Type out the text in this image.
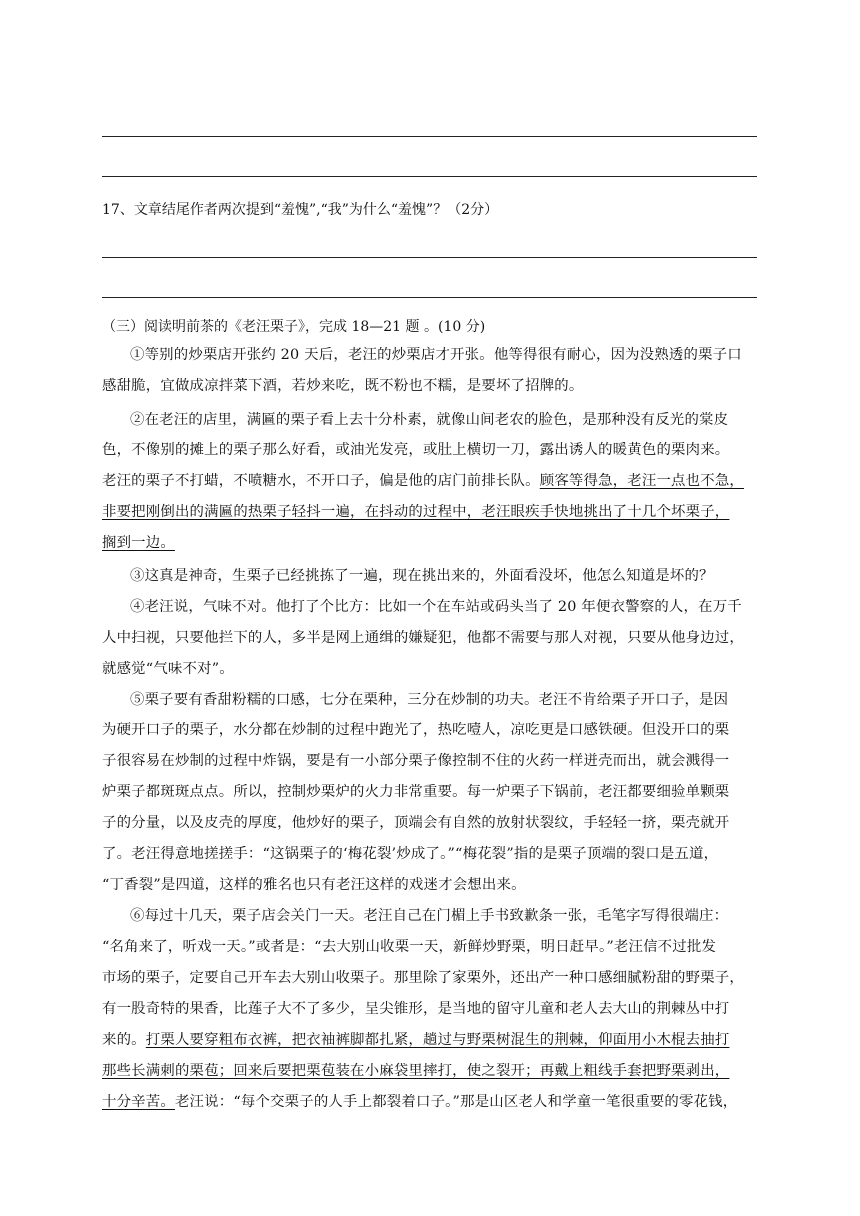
17、文章结尾作者两次提到“羞愧”,“我”为什么“羞愧”？（2分）
（三）阅读明前茶的《老汪栗子》，完成 18—21 题 。(10 分)
①等别的炒栗店开张约 20 天后，老汪的炒栗店才开张。他等得很有耐心，因为没熟透的栗子口
感甜脆，宜做成凉拌菜下酒，若炒来吃，既不粉也不糯，是要坏了招牌的。
②在老汪的店里，满匾的栗子看上去十分朴素，就像山间老农的脸色，是那种没有反光的棠皮
色，不像别的摊上的栗子那么好看，或油光发亮，或肚上横切一刀，露出诱人的暖黄色的栗肉来。
老汪的栗子不打蜡，不喷糖水，不开口子，偏是他的店门前排长队。顾客等得急，老汪一点也不急，
非要把刚倒出的满匾的热栗子轻抖一遍，在抖动的过程中，老汪眼疾手快地挑出了十几个坏栗子，
搁到一边。
③这真是神奇，生栗子已经挑拣了一遍，现在挑出来的，外面看没坏，他怎么知道是坏的？
④老汪说，气味不对。他打了个比方：比如一个在车站或码头当了 20 年便衣警察的人，在万千
人中扫视，只要他拦下的人，多半是网上通缉的嫌疑犯，他都不需要与那人对视，只要从他身边过，
就感觉“气味不对”。
⑤栗子要有香甜粉糯的口感，七分在栗种，三分在炒制的功夫。老汪不肯给栗子开口子，是因
为硬开口子的栗子，水分都在炒制的过程中跑光了，热吃噎人，凉吃更是口感铁硬。但没开口的栗
子很容易在炒制的过程中炸锅，要是有一小部分栗子像控制不住的火药一样迸壳而出，就会溅得一
炉栗子都斑斑点点。所以，控制炒栗炉的火力非常重要。每一炉栗子下锅前，老汪都要细验单颗栗
子的分量，以及皮壳的厚度，他炒好的栗子，顶端会有自然的放射状裂纹，手轻轻一挤，栗壳就开
了。老汪得意地搓搓手：“这锅栗子的‘梅花裂’炒成了。”“梅花裂”指的是栗子顶端的裂口是五道，
“丁香裂”是四道，这样的雅名也只有老汪这样的戏迷才会想出来。
⑥每过十几天，栗子店会关门一天。老汪自己在门楣上手书致歉条一张，毛笔字写得很端庄：
“名角来了，听戏一天。”或者是：“去大别山收栗一天，新鲜炒野栗，明日赶早。”老汪信不过批发
市场的栗子，定要自己开车去大别山收栗子。那里除了家栗外，还出产一种口感细腻粉甜的野栗子，
有一股奇特的果香，比莲子大不了多少，呈尖锥形，是当地的留守儿童和老人去大山的荆棘丛中打
来的。打栗人要穿粗布衣裤，把衣袖裤脚都扎紧，趟过与野栗树混生的荆棘，仰面用小木棍去抽打
那些长满刺的栗苞；回来后要把栗苞装在小麻袋里摔打，使之裂开；再戴上粗线手套把野栗剥出，
十分辛苦。老汪说：“每个交栗子的人手上都裂着口子。”那是山区老人和学童一笔很重要的零花钱，
